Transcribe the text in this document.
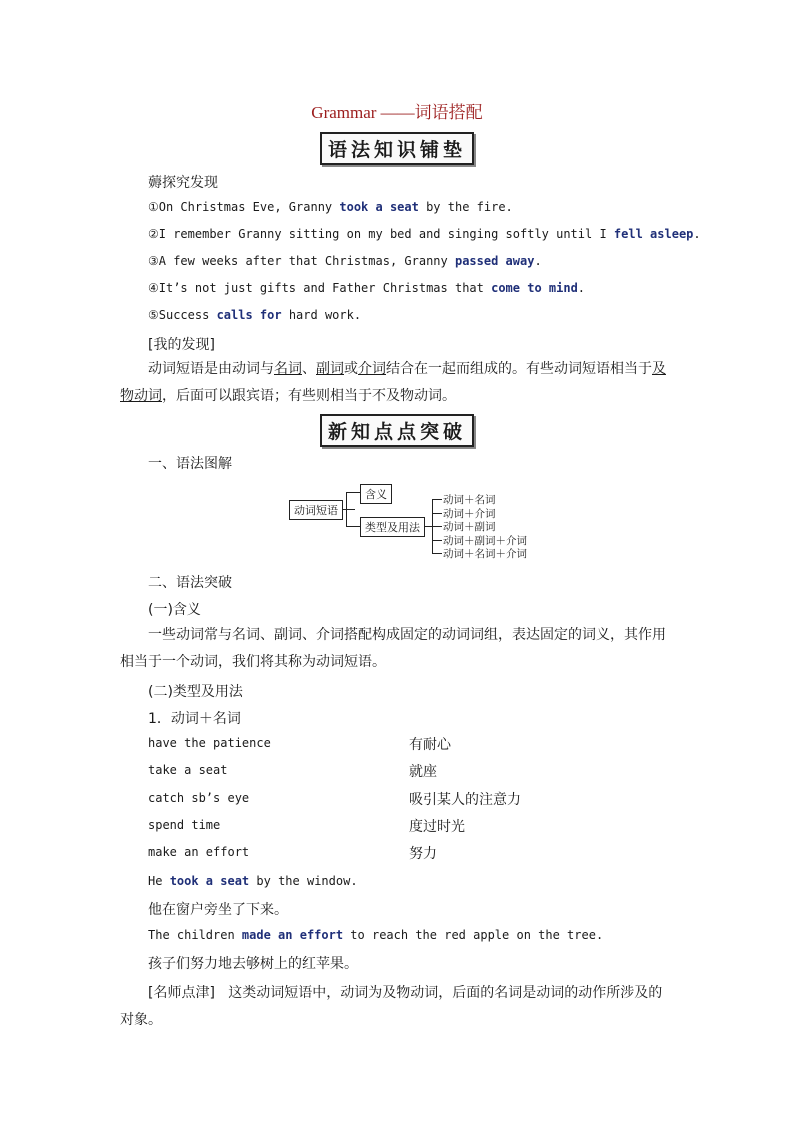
Grammar ——词语搭配
语法知识铺垫
薅探究发现
①On Christmas Eve, Granny took a seat by the fire.
②I remember Granny sitting on my bed and singing softly until I fell asleep.
③A few weeks after that Christmas, Granny passed away.
④It’s not just gifts and Father Christmas that come to mind.
⑤Success calls for hard work.
[我的发现]
动词短语是由动词与名词、副词或介词结合在一起而组成的。有些动词短语相当于及物动词，后面可以跟宾语；有些则相当于不及物动词。
新知点点突破
一、语法图解
动词短语
含义
类型及用法
动词＋名词
动词＋介词
动词＋副词
动词＋副词＋介词
动词＋名词＋介词
二、语法突破
(一)含义
一些动词常与名词、副词、介词搭配构成固定的动词词组，表达固定的词义，其作用相当于一个动词，我们将其称为动词短语。
(二)类型及用法
1．动词＋名词
have the patience	有耐心
take a seat	就座
catch sb’s eye	吸引某人的注意力
spend time	度过时光
make an effort	努力
He took a seat by the window.
他在窗户旁坐了下来。
The children made an effort to reach the red apple on the tree.
孩子们努力地去够树上的红苹果。
[名师点津] 这类动词短语中，动词为及物动词，后面的名词是动词的动作所涉及的对象。
